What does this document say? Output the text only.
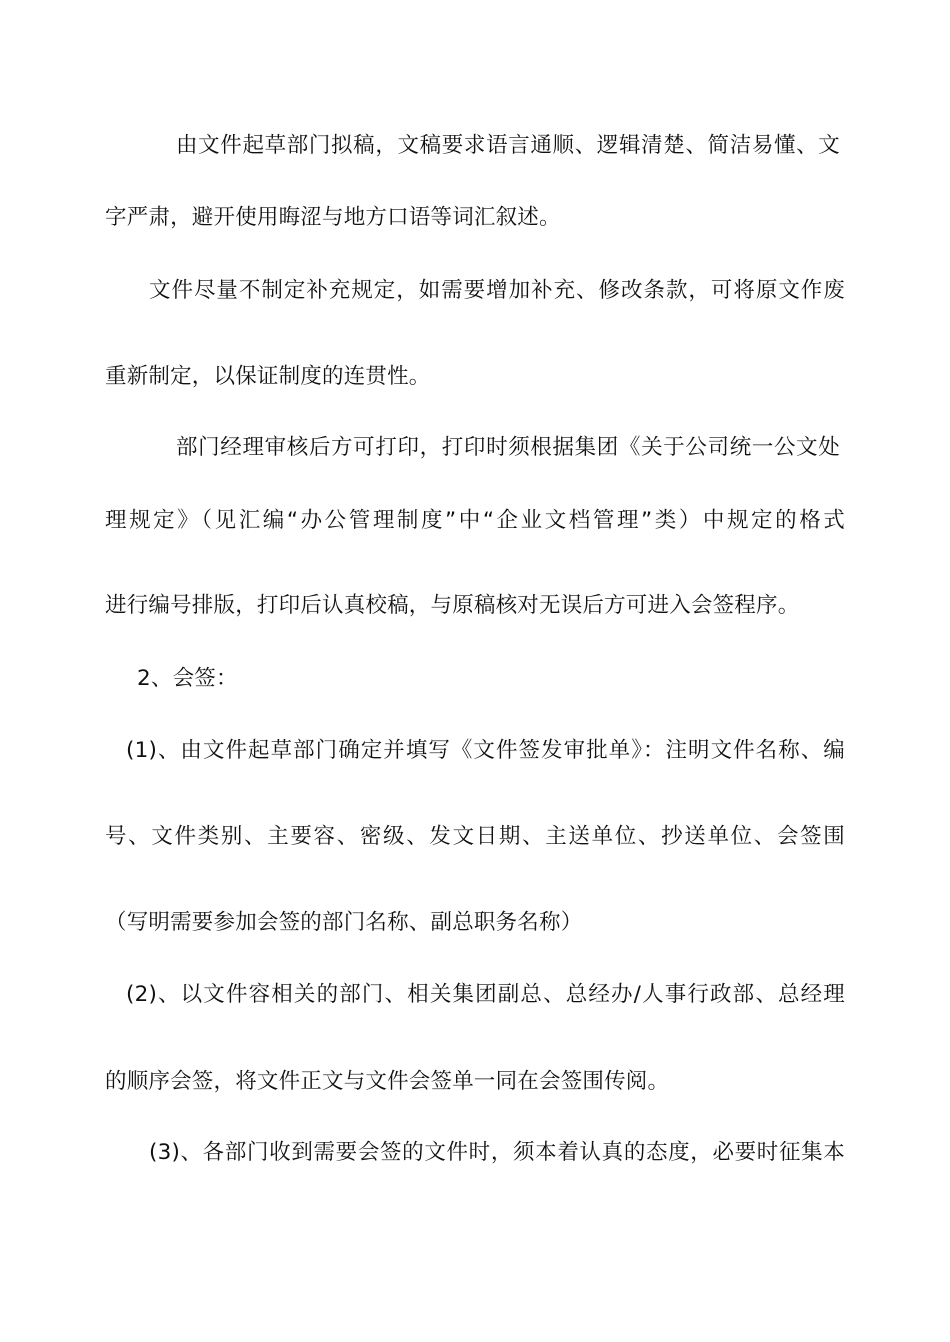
由文件起草部门拟稿，文稿要求语言通顺、逻辑清楚、简洁易懂、文
字严肃，避开使用晦涩与地方口语等词汇叙述。
文件尽量不制定补充规定，如需要增加补充、修改条款，可将原文作废
重新制定，以保证制度的连贯性。
部门经理审核后方可打印，打印时须根据集团《关于公司统一公文处
理规定》（见汇编“办公管理制度”中“企业文档管理”类）中规定的格式
进行编号排版，打印后认真校稿，与原稿核对无误后方可进入会签程序。
2、会签：
(1)、由文件起草部门确定并填写《文件签发审批单》：注明文件名称、编
号、文件类别、主要容、密级、发文日期、主送单位、抄送单位、会签围
（写明需要参加会签的部门名称、副总职务名称）
(2)、以文件容相关的部门、相关集团副总、总经办/人事行政部、总经理
的顺序会签，将文件正文与文件会签单一同在会签围传阅。
(3)、各部门收到需要会签的文件时，须本着认真的态度，必要时征集本
